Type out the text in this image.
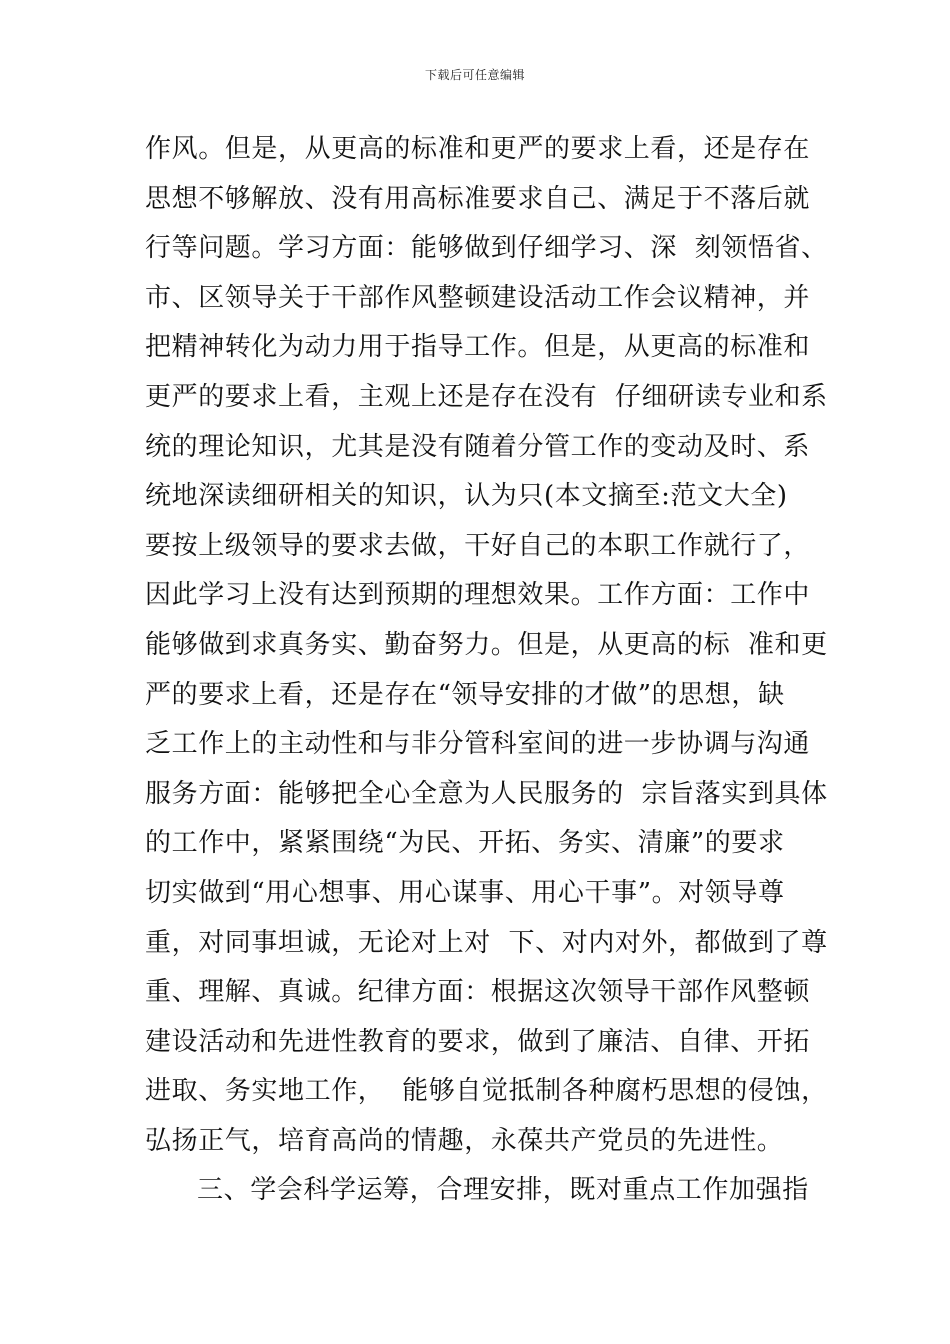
下载后可任意编辑
作风。但是，从更高的标准和更严的要求上看，还是存在
思想不够解放、没有用高标准要求自己、满足于不落后就
行等问题。学习方面：能够做到仔细学习、深  刻领悟省、
市、区领导关于干部作风整顿建设活动工作会议精神，并
把精神转化为动力用于指导工作。但是，从更高的标准和
更严的要求上看，主观上还是存在没有  仔细研读专业和系
统的理论知识，尤其是没有随着分管工作的变动及时、系
统地深读细研相关的知识，认为只(本文摘至:范文大全)
要按上级领导的要求去做，干好自己的本职工作就行了，
因此学习上没有达到预期的理想效果。工作方面：工作中
能够做到求真务实、勤奋努力。但是，从更高的标  准和更
严的要求上看，还是存在“领导安排的才做”的思想，缺
乏工作上的主动性和与非分管科室间的进一步协调与沟通
服务方面：能够把全心全意为人民服务的  宗旨落实到具体
的工作中，紧紧围绕“为民、开拓、务实、清廉”的要求
切实做到“用心想事、用心谋事、用心干事”。对领导尊
重，对同事坦诚，无论对上对  下、对内对外，都做到了尊
重、理解、真诚。纪律方面：根据这次领导干部作风整顿
建设活动和先进性教育的要求，做到了廉洁、自律、开拓
进取、务实地工作，  能够自觉抵制各种腐朽思想的侵蚀，
弘扬正气，培育高尚的情趣，永葆共产党员的先进性。
三、学会科学运筹，合理安排，既对重点工作加强指
